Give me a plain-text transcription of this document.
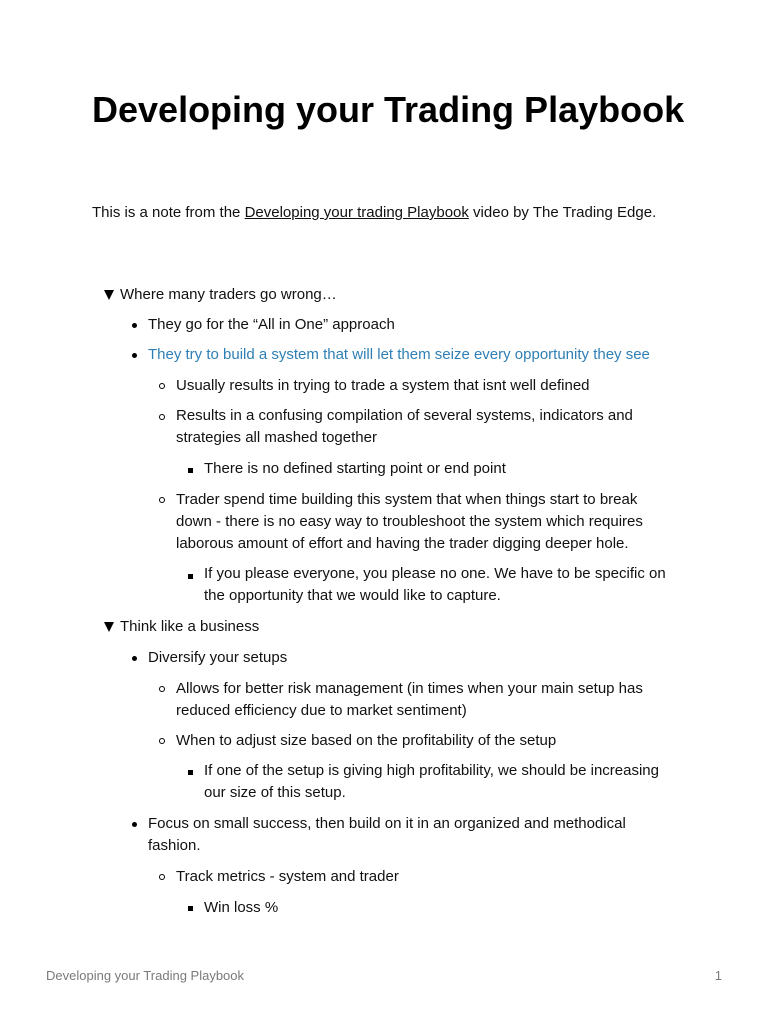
Developing your Trading Playbook

This is a note from the Developing your trading Playbook video by The Trading Edge.

Where many traders go wrong…

They go for the “All in One” approach

They try to build a system that will let them seize every opportunity they see

Usually results in trying to trade a system that isnt well defined

Results in a confusing compilation of several systems, indicators and strategies all mashed together

There is no defined starting point or end point

Trader spend time building this system that when things start to break down - there is no easy way to troubleshoot the system which requires laborous amount of effort and having the trader digging deeper hole.

If you please everyone, you please no one. We have to be specific on the opportunity that we would like to capture.

Think like a business

Diversify your setups

Allows for better risk management (in times when your main setup has reduced efficiency due to market sentiment)

When to adjust size based on the profitability of the setup

If one of the setup is giving high profitability, we should be increasing our size of this setup.

Focus on small success, then build on it in an organized and methodical fashion.

Track metrics - system and trader

Win loss %

Developing your Trading Playbook	1
